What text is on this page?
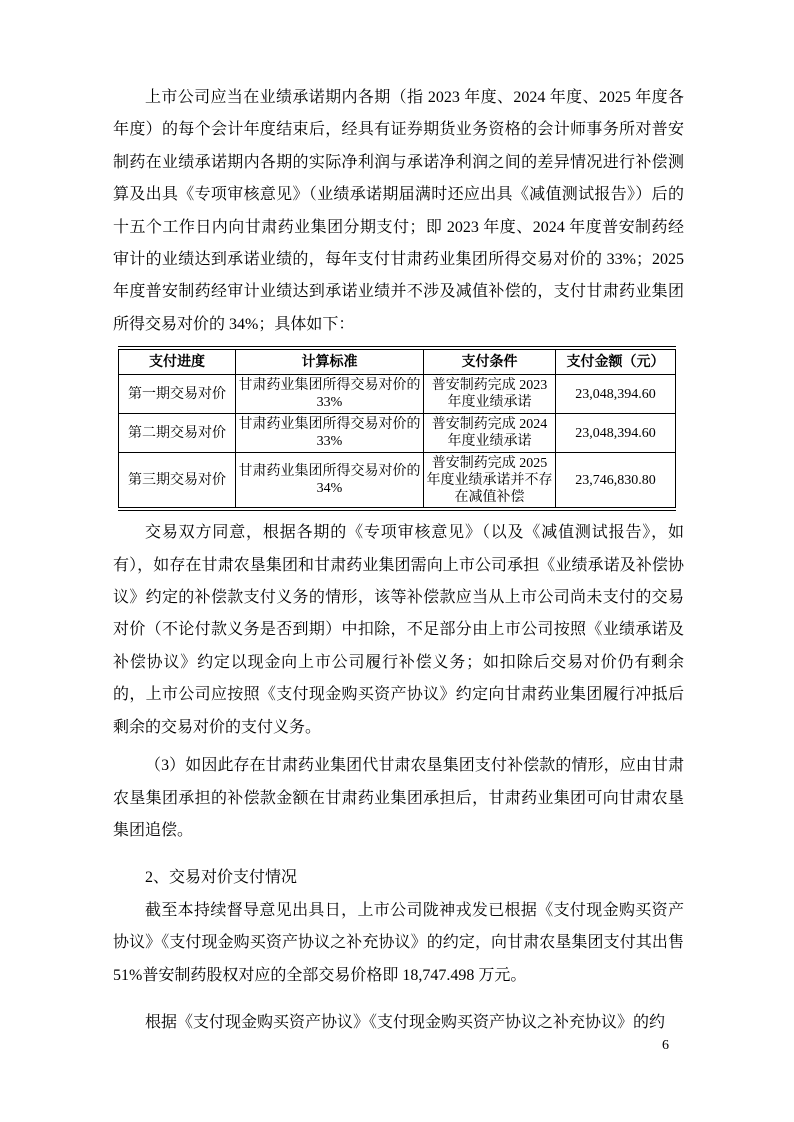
上市公司应当在业绩承诺期内各期（指 2023 年度、2024 年度、2025 年度各年度）的每个会计年度结束后，经具有证券期货业务资格的会计师事务所对普安制药在业绩承诺期内各期的实际净利润与承诺净利润之间的差异情况进行补偿测算及出具《专项审核意见》（业绩承诺期届满时还应出具《减值测试报告》）后的十五个工作日内向甘肃药业集团分期支付；即 2023 年度、2024 年度普安制药经审计的业绩达到承诺业绩的，每年支付甘肃药业集团所得交易对价的 33%；2025 年度普安制药经审计业绩达到承诺业绩并不涉及减值补偿的，支付甘肃药业集团所得交易对价的 34%；具体如下：

支付进度	计算标准	支付条件	支付金额（元）
第一期交易对价	甘肃药业集团所得交易对价的33%	普安制药完成 2023 年度业绩承诺	23,048,394.60
第二期交易对价	甘肃药业集团所得交易对价的33%	普安制药完成 2024 年度业绩承诺	23,048,394.60
第三期交易对价	甘肃药业集团所得交易对价的34%	普安制药完成 2025 年度业绩承诺并不存在减值补偿	23,746,830.80

交易双方同意，根据各期的《专项审核意见》（以及《减值测试报告》，如有），如存在甘肃农垦集团和甘肃药业集团需向上市公司承担《业绩承诺及补偿协议》约定的补偿款支付义务的情形，该等补偿款应当从上市公司尚未支付的交易对价（不论付款义务是否到期）中扣除，不足部分由上市公司按照《业绩承诺及补偿协议》约定以现金向上市公司履行补偿义务；如扣除后交易对价仍有剩余的，上市公司应按照《支付现金购买资产协议》约定向甘肃药业集团履行冲抵后剩余的交易对价的支付义务。

（3）如因此存在甘肃药业集团代甘肃农垦集团支付补偿款的情形，应由甘肃农垦集团承担的补偿款金额在甘肃药业集团承担后，甘肃药业集团可向甘肃农垦集团追偿。

2、交易对价支付情况

截至本持续督导意见出具日，上市公司陇神戎发已根据《支付现金购买资产协议》《支付现金购买资产协议之补充协议》的约定，向甘肃农垦集团支付其出售 51%普安制药股权对应的全部交易价格即 18,747.498 万元。

根据《支付现金购买资产协议》《支付现金购买资产协议之补充协议》的约

6
